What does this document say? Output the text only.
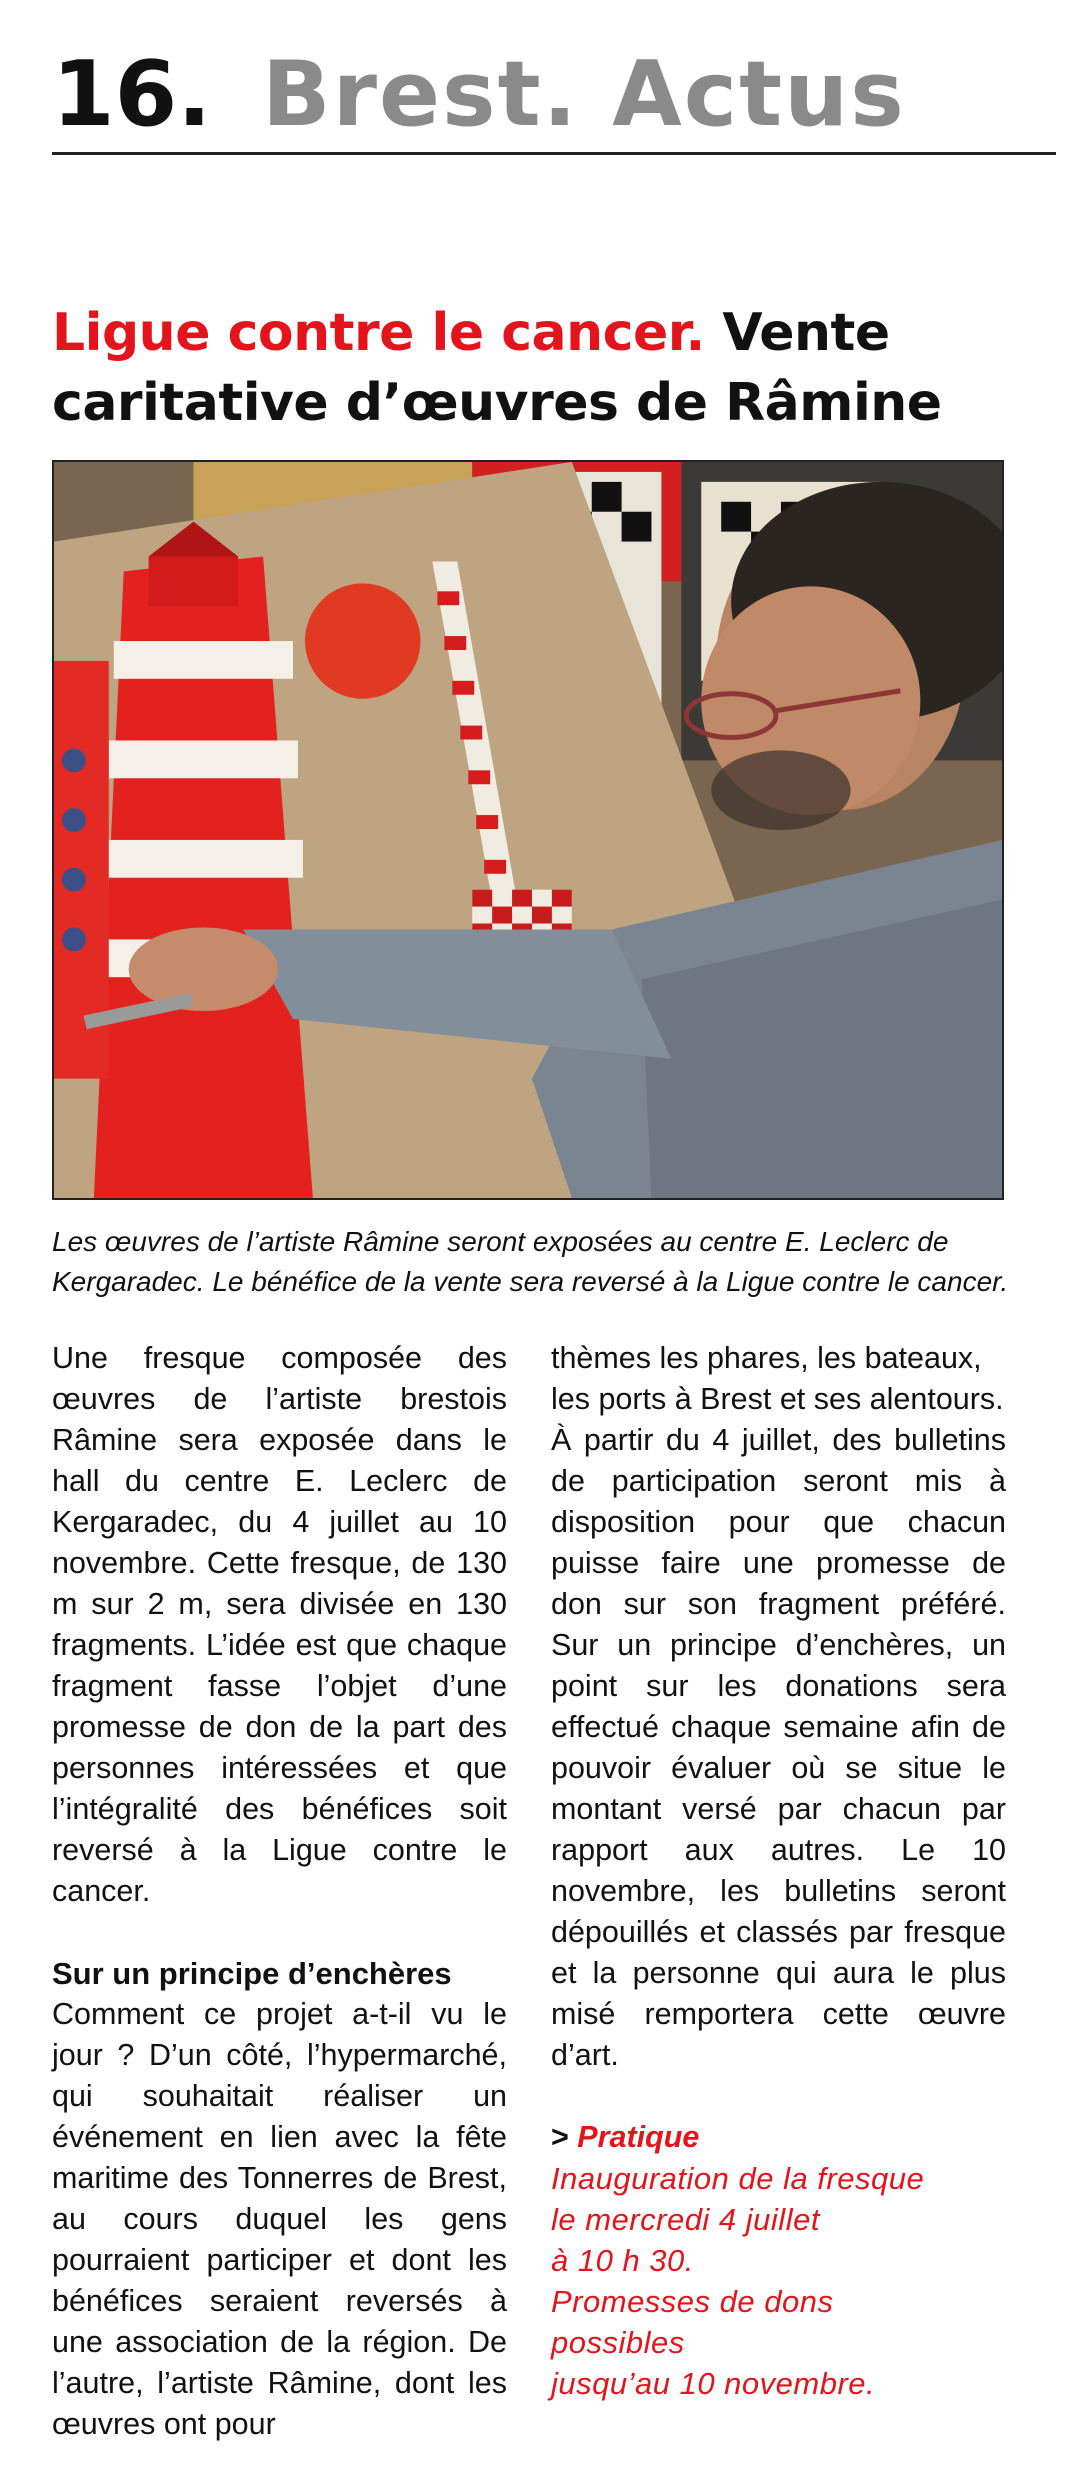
16. Brest. Actus
Ligue contre le cancer. Vente caritative d’œuvres de Râmine

Les œuvres de l’artiste Râmine seront exposées au centre E. Leclerc de Kergaradec. Le bénéfice de la vente sera reversé à la Ligue contre le cancer.

Une fresque composée des œuvres de l’artiste brestois Râmine sera exposée dans le hall du centre E. Leclerc de Kergaradec, du 4 juillet au 10 novembre. Cette fresque, de 130 m sur 2 m, sera divisée en 130 fragments. L’idée est que chaque fragment fasse l’objet d’une promesse de don de la part des personnes intéressées et que l’intégralité des bénéfices soit reversé à la Ligue contre le cancer.

Sur un principe d’enchères

Comment ce projet a-t-il vu le jour ? D’un côté, l’hypermarché, qui souhaitait réaliser un événement en lien avec la fête maritime des Tonnerres de Brest, au cours duquel les gens pourraient participer et dont les bénéfices seraient reversés à une association de la région. De l’autre, l’artiste Râmine, dont les œuvres ont pour

thèmes les phares, les bateaux, les ports à Brest et ses alentours.

À partir du 4 juillet, des bulletins de participation seront mis à disposition pour que chacun puisse faire une promesse de don sur son fragment préféré. Sur un principe d’enchères, un point sur les donations sera effectué chaque semaine afin de pouvoir évaluer où se situe le montant versé par chacun par rapport aux autres. Le 10 novembre, les bulletins seront dépouillés et classés par fresque et la personne qui aura le plus misé remportera cette œuvre d’art.

> Pratique
Inauguration de la fresque
le mercredi 4 juillet
à 10 h 30.
Promesses de dons
possibles
jusqu’au 10 novembre.
